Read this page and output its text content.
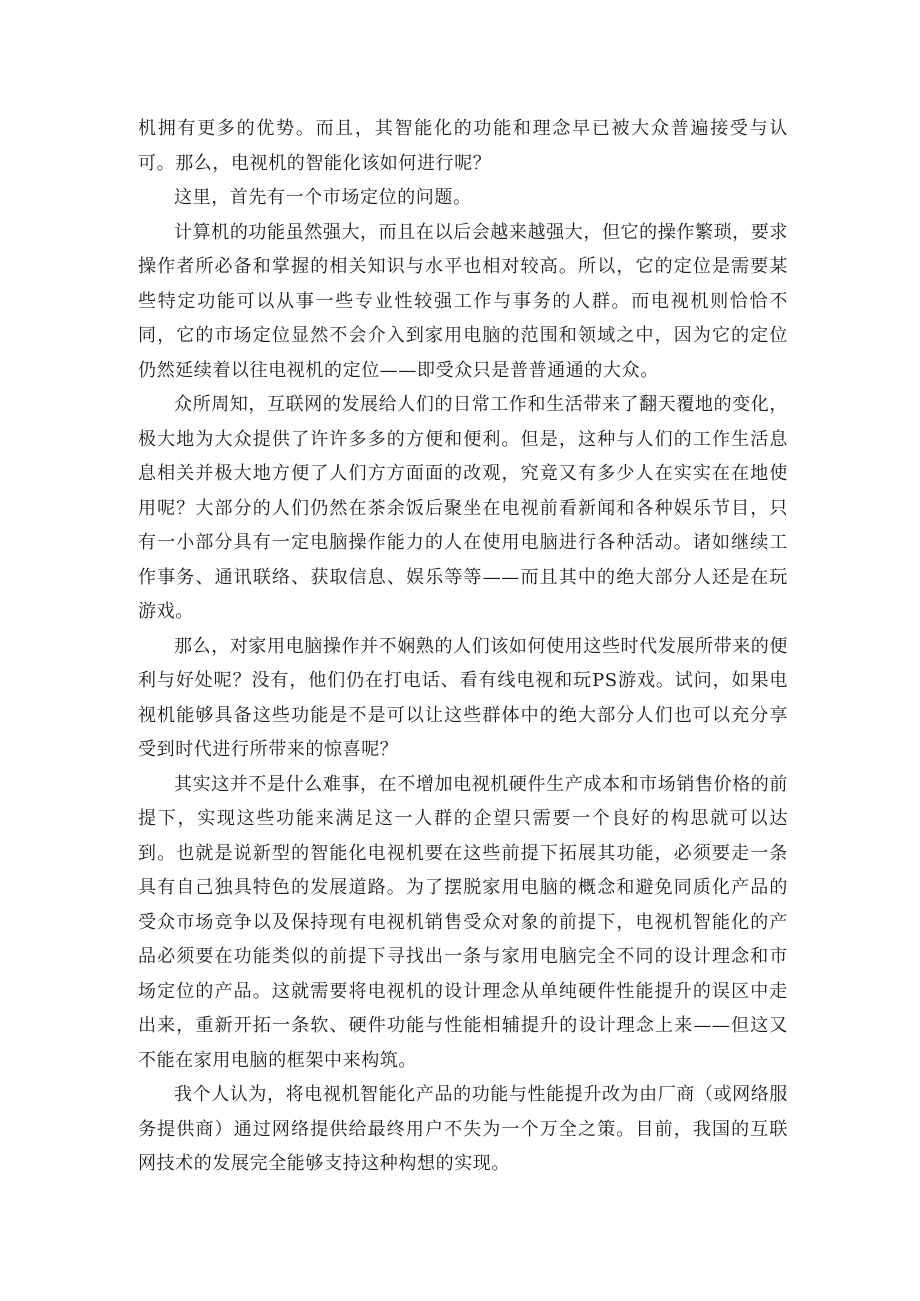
机拥有更多的优势。而且，其智能化的功能和理念早已被大众普遍接受与认可。那么，电视机的智能化该如何进行呢？

这里，首先有一个市场定位的问题。

计算机的功能虽然强大，而且在以后会越来越强大，但它的操作繁琐，要求操作者所必备和掌握的相关知识与水平也相对较高。所以，它的定位是需要某些特定功能可以从事一些专业性较强工作与事务的人群。而电视机则恰恰不同，它的市场定位显然不会介入到家用电脑的范围和领域之中，因为它的定位仍然延续着以往电视机的定位——即受众只是普普通通的大众。

众所周知，互联网的发展给人们的日常工作和生活带来了翻天覆地的变化，极大地为大众提供了许许多多的方便和便利。但是，这种与人们的工作生活息息相关并极大地方便了人们方方面面的改观，究竟又有多少人在实实在在地使用呢？大部分的人们仍然在茶余饭后聚坐在电视前看新闻和各种娱乐节目，只有一小部分具有一定电脑操作能力的人在使用电脑进行各种活动。诸如继续工作事务、通讯联络、获取信息、娱乐等等——而且其中的绝大部分人还是在玩游戏。

那么，对家用电脑操作并不娴熟的人们该如何使用这些时代发展所带来的便利与好处呢？没有，他们仍在打电话、看有线电视和玩PS游戏。试问，如果电视机能够具备这些功能是不是可以让这些群体中的绝大部分人们也可以充分享受到时代进行所带来的惊喜呢？

其实这并不是什么难事，在不增加电视机硬件生产成本和市场销售价格的前提下，实现这些功能来满足这一人群的企望只需要一个良好的构思就可以达到。也就是说新型的智能化电视机要在这些前提下拓展其功能，必须要走一条具有自己独具特色的发展道路。为了摆脱家用电脑的概念和避免同质化产品的受众市场竞争以及保持现有电视机销售受众对象的前提下，电视机智能化的产品必须要在功能类似的前提下寻找出一条与家用电脑完全不同的设计理念和市场定位的产品。这就需要将电视机的设计理念从单纯硬件性能提升的误区中走出来，重新开拓一条软、硬件功能与性能相辅提升的设计理念上来——但这又不能在家用电脑的框架中来构筑。

我个人认为，将电视机智能化产品的功能与性能提升改为由厂商（或网络服务提供商）通过网络提供给最终用户不失为一个万全之策。目前，我国的互联网技术的发展完全能够支持这种构想的实现。
